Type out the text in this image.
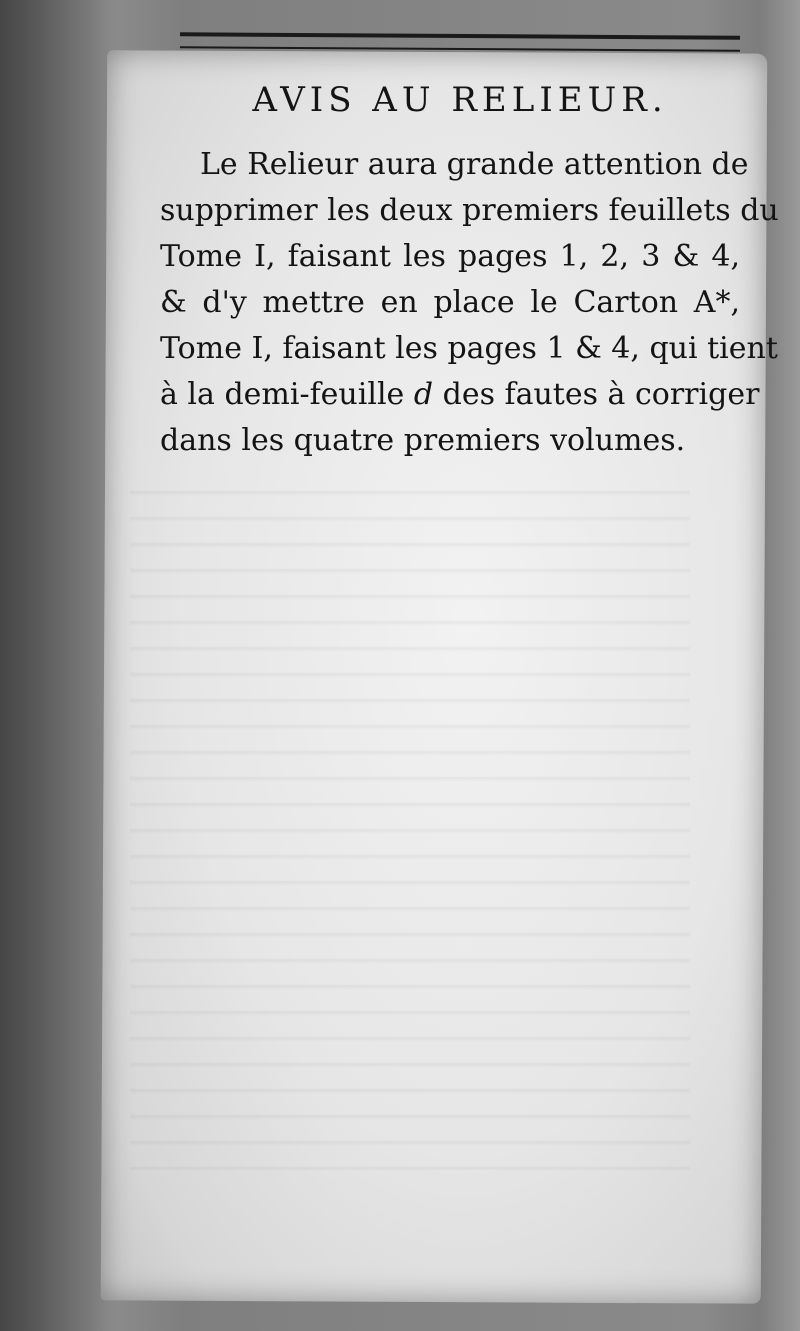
AVIS AU RELIEUR.
Le Relieur aura grande attention de
supprimer les deux premiers feuillets du
Tome I, faisant les pages 1, 2, 3 & 4,
& d'y mettre en place le Carton A*,
Tome I, faisant les pages 1 & 4, qui tient
à la demi-feuille d des fautes à corriger
dans les quatre premiers volumes.
